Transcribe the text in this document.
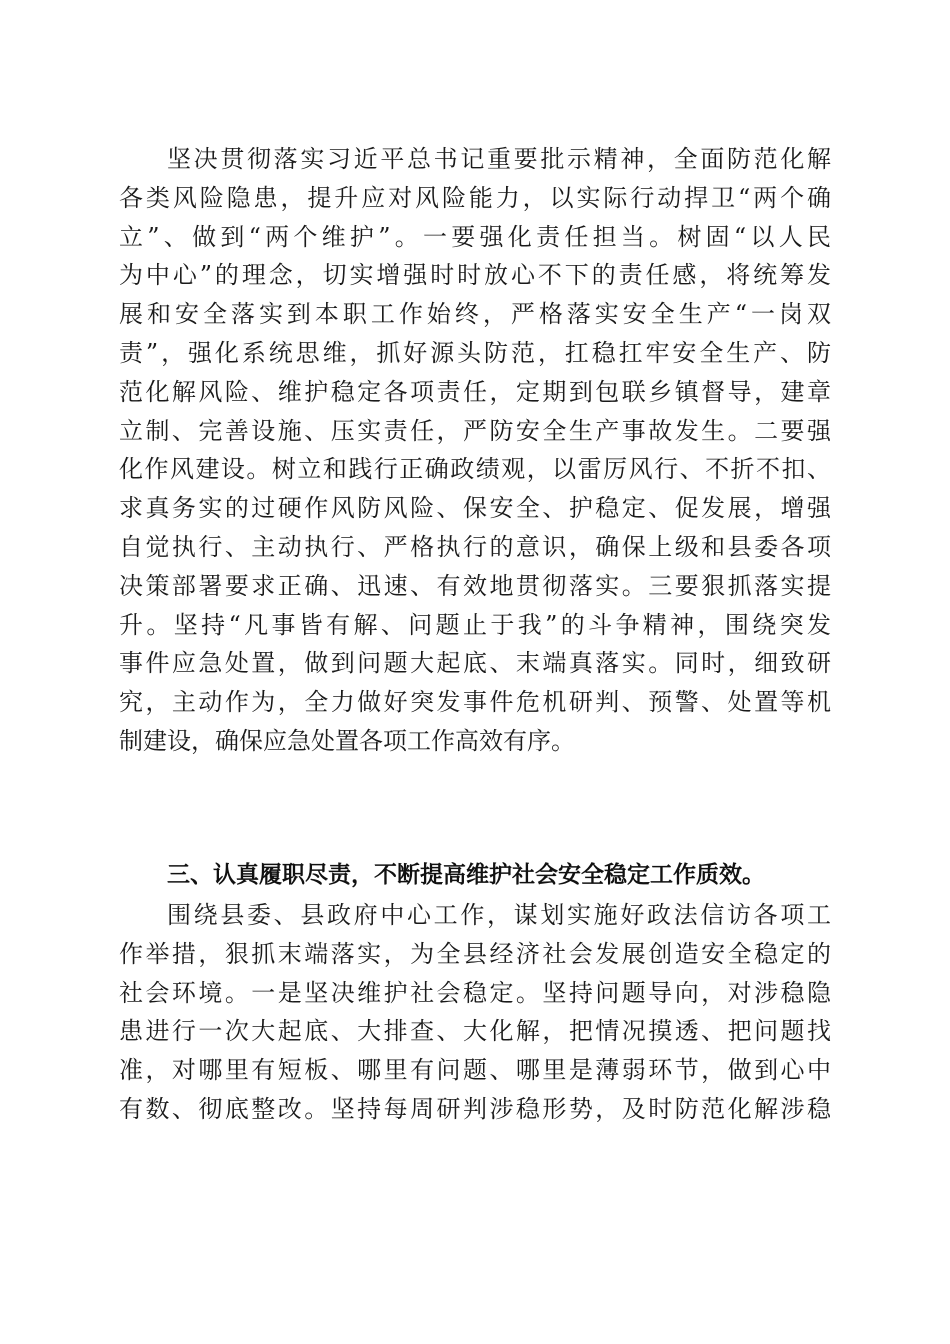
坚决贯彻落实习近平总书记重要批示精神，全面防范化解
各类风险隐患，提升应对风险能力，以实际行动捍卫“两个确
立”、做到“两个维护”。一要强化责任担当。树固“以人民
为中心”的理念，切实增强时时放心不下的责任感，将统筹发
展和安全落实到本职工作始终，严格落实安全生产“一岗双
责”，强化系统思维，抓好源头防范，扛稳扛牢安全生产、防
范化解风险、维护稳定各项责任，定期到包联乡镇督导，建章
立制、完善设施、压实责任，严防安全生产事故发生。二要强
化作风建设。树立和践行正确政绩观，以雷厉风行、不折不扣、
求真务实的过硬作风防风险、保安全、护稳定、促发展，增强
自觉执行、主动执行、严格执行的意识，确保上级和县委各项
决策部署要求正确、迅速、有效地贯彻落实。三要狠抓落实提
升。坚持“凡事皆有解、问题止于我”的斗争精神，围绕突发
事件应急处置，做到问题大起底、末端真落实。同时，细致研
究，主动作为，全力做好突发事件危机研判、预警、处置等机
制建设，确保应急处置各项工作高效有序。
三、认真履职尽责，不断提高维护社会安全稳定工作质效。
围绕县委、县政府中心工作，谋划实施好政法信访各项工
作举措，狠抓末端落实，为全县经济社会发展创造安全稳定的
社会环境。一是坚决维护社会稳定。坚持问题导向，对涉稳隐
患进行一次大起底、大排查、大化解，把情况摸透、把问题找
准，对哪里有短板、哪里有问题、哪里是薄弱环节，做到心中
有数、彻底整改。坚持每周研判涉稳形势，及时防范化解涉稳
